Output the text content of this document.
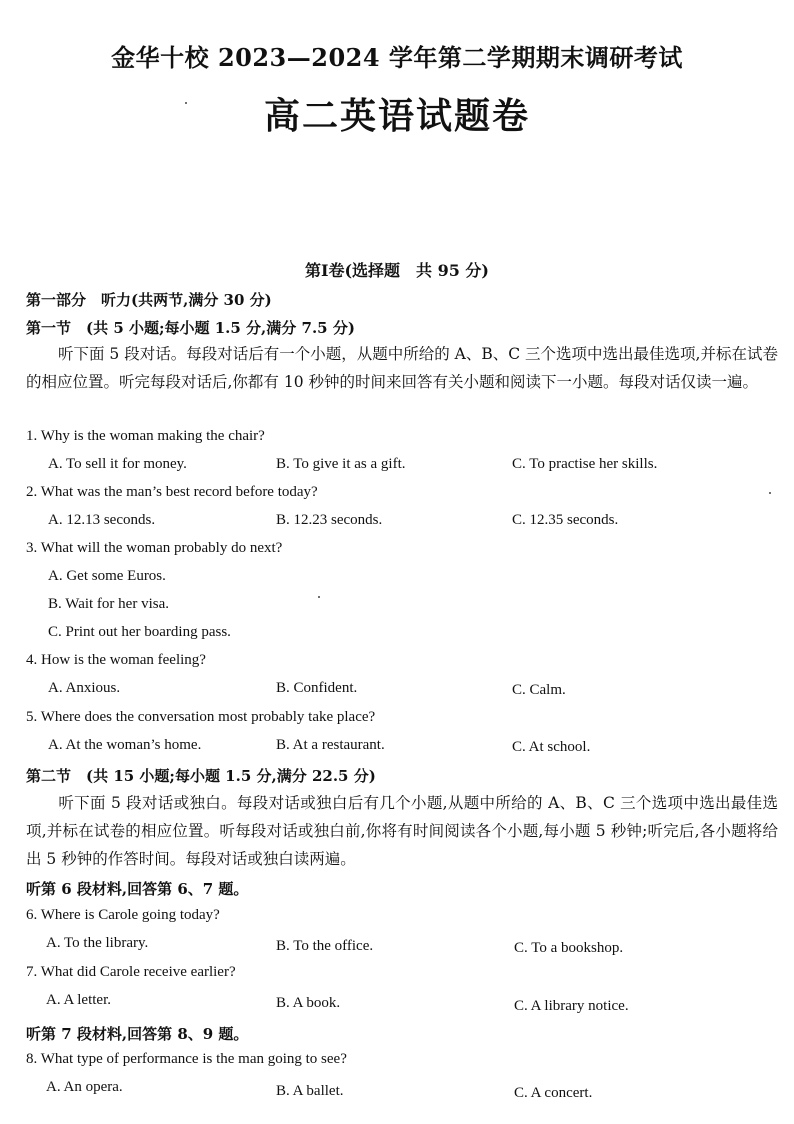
金华十校 2023—2024 学年第二学期期末调研考试
高二英语试题卷
第Ⅰ卷(选择题　共 95 分)
第一部分　听力(共两节,满分 30 分)
第一节　(共 5 小题;每小题 1.5 分,满分 7.5 分)
听下面 5 段对话。每段对话后有一个小题，从题中所给的 A、B、C 三个选项中选出最佳选项,并标在试卷的相应位置。听完每段对话后,你都有 10 秒钟的时间来回答有关小题和阅读下一小题。每段对话仅读一遍。
1. Why is the woman making the chair?
A. To sell it for money.	B. To give it as a gift.	C. To practise her skills.
2. What was the man’s best record before today?
A. 12.13 seconds.	B. 12.23 seconds.	C. 12.35 seconds.
3. What will the woman probably do next?
A. Get some Euros.
B. Wait for her visa.
C. Print out her boarding pass.
4. How is the woman feeling?
A. Anxious.	B. Confident.	C. Calm.
5. Where does the conversation most probably take place?
A. At the woman’s home.	B. At a restaurant.	C. At school.
第二节　(共 15 小题;每小题 1.5 分,满分 22.5 分)
听下面 5 段对话或独白。每段对话或独白后有几个小题,从题中所给的 A、B、C 三个选项中选出最佳选项,并标在试卷的相应位置。听每段对话或独白前,你将有时间阅读各个小题,每小题 5 秒钟;听完后,各小题将给出 5 秒钟的作答时间。每段对话或独白读两遍。
听第 6 段材料,回答第 6、7 题。
6. Where is Carole going today?
A. To the library.	B. To the office.	C. To a bookshop.
7. What did Carole receive earlier?
A. A letter.	B. A book.	C. A library notice.
听第 7 段材料,回答第 8、9 题。
8. What type of performance is the man going to see?
A. An opera.	B. A ballet.	C. A concert.
